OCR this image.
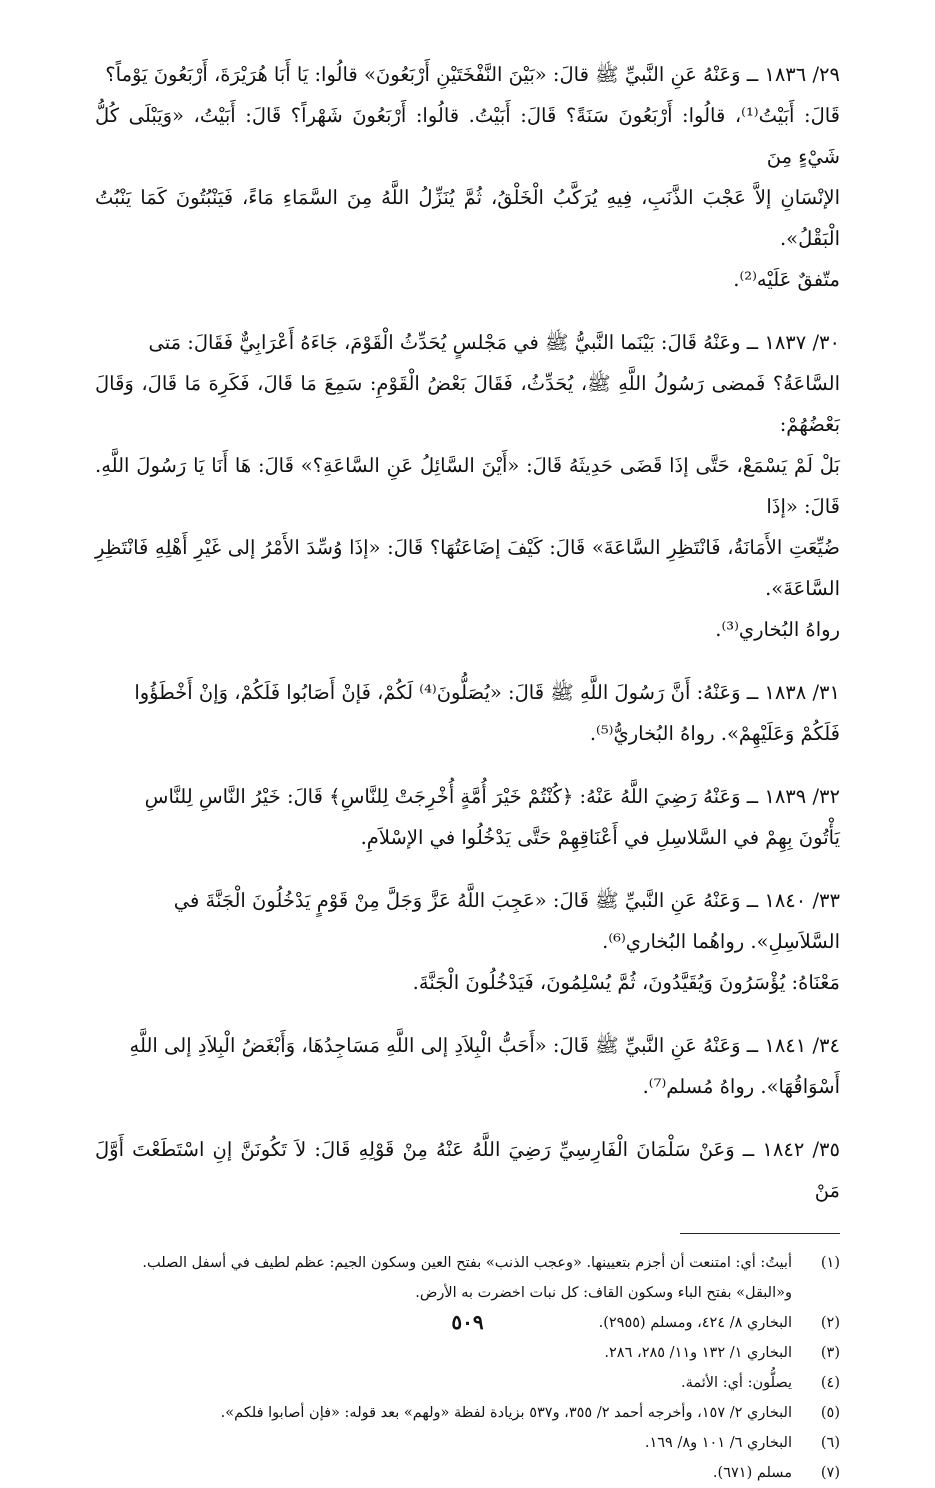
٢٩/ ١٨٣٦ ــ وَعَنْهُ عَنِ النَّبيِّ ﷺ قالَ: «بَيْنَ النَّفْخَتَيْنِ أَرْبَعُونَ» قالُوا: يَا أَبَا هُرَيْرَةَ، أَرْبَعُونَ يَوْماً؟

قَالَ: أَبَيْتُ⁽¹⁾، قالُوا: أَرْبَعُونَ سَنَةً؟ قَالَ: أَبَيْتُ. قالُوا: أَرْبَعُونَ شَهْراً؟ قَالَ: أَبَيْتُ، «وَيَبْلَى كُلُّ شَيْءٍ مِنَ

الإنْسَانِ إلاَّ عَجْبَ الذَّنَبِ، فِيهِ يُرَكَّبُ الْخَلْقُ، ثُمَّ يُنَزِّلُ اللَّهُ مِنَ السَّمَاءِ مَاءً، فَيَنْبُتُونَ كَمَا يَنْبُتُ الْبَقْلُ».

متّفقٌ عَلَيْه⁽²⁾.

٣٠/ ١٨٣٧ ــ وعَنْهُ قَالَ: بَيْنَما النَّبيُّ ﷺ في مَجْلسٍ يُحَدِّثُ الْقَوْمَ، جَاءَهُ أَعْرَابِيٌّ فَقَالَ: مَتى

السَّاعَةُ؟ فَمضى رَسُولُ اللَّهِ ﷺ، يُحَدِّثُ، فَقَالَ بَعْضُ الْقَوْمِ: سَمِعَ مَا قَالَ، فَكَرِهَ مَا قَالَ، وَقَالَ بَعْضُهُمْ:

بَلْ لَمْ يَسْمَعْ، حَتَّى إذَا قَضَى حَدِيثَهُ قَالَ: «أَيْنَ السَّائِلُ عَنِ السَّاعَةِ؟» قَالَ: هَا أَنَا يَا رَسُولَ اللَّهِ. قَالَ: «إذَا

ضُيِّعَتِ الأَمَانَةُ، فَانْتَظِرِ السَّاعَةَ» قَالَ: كَيْفَ إضَاعَتُهَا؟ قَالَ: «إذَا وُسِّدَ الأَمْرُ إلى غَيْرِ أَهْلِهِ فَانْتَظِرِ السَّاعَةَ».

رواهُ البُخاري⁽³⁾.

٣١/ ١٨٣٨ ــ وَعَنْهُ: أَنَّ رَسُولَ اللَّهِ ﷺ قَالَ: «يُصَلُّونَ⁽⁴⁾ لَكُمْ، فَإنْ أَصَابُوا فَلَكُمْ، وَإنْ أَخْطَؤُوا

فَلَكُمْ وَعَلَيْهِمْ». رواهُ البُخاريُّ⁽⁵⁾.

٣٢/ ١٨٣٩ ــ وَعَنْهُ رَضِيَ اللَّهُ عَنْهُ: ﴿كُنْتُمْ خَيْرَ أُمَّةٍ أُخْرِجَتْ لِلنَّاسِ﴾ قَالَ: خَيْرُ النَّاسِ لِلنَّاسِ

يَأْتُونَ بِهِمْ في السَّلاسِلِ في أَعْنَاقِهِمْ حَتَّى يَدْخُلُوا في الإسْلاَمِ.

٣٣/ ١٨٤٠ ــ وَعَنْهُ عَنِ النَّبيِّ ﷺ قَالَ: «عَجِبَ اللَّهُ عَزَّ وَجَلَّ مِنْ قَوْمٍ يَدْخُلُونَ الْجَنَّةَ في

السَّلاَسِلِ». رواهُما البُخاري⁽⁶⁾.

مَعْنَاهُ: يُؤْسَرُونَ وَيُقَيَّدُونَ، ثُمَّ يُسْلِمُونَ، فَيَدْخُلُونَ الْجَنَّةَ.

٣٤/ ١٨٤١ ــ وَعَنْهُ عَنِ النَّبيِّ ﷺ قَالَ: «أَحَبُّ الْبِلاَدِ إلى اللَّهِ مَسَاجِدُهَا، وَأَبْغَضُ الْبِلاَدِ إلى اللَّهِ

أَسْوَاقُهَا». رواهُ مُسلم⁽⁷⁾.

٣٥/ ١٨٤٢ ــ وَعَنْ سَلْمَانَ الْفَارِسِيِّ رَضِيَ اللَّهُ عَنْهُ مِنْ قَوْلِهِ قَالَ: لاَ تَكُونَنَّ إنِ اسْتَطَعْتَ أَوَّلَ مَنْ

(١)
أبيتُ: أي: امتنعت أن أجزم بتعيينها. «وعجب الذنب» بفتح العين وسكون الجيم: عظم لطيف في أسفل الصلب.
و«البقل» بفتح الباء وسكون القاف: كل نبات اخضرت به الأرض.
(٢)
البخاري ٨/ ٤٢٤، ومسلم (٢٩٥٥).
(٣)
البخاري ١/ ١٣٢ و١١/ ٢٨٥، ٢٨٦.
(٤)
يصلُّون: أي: الأئمة.
(٥)
البخاري ٢/ ١٥٧، وأخرجه أحمد ٢/ ٣٥٥، و٥٣٧ بزيادة لفظة «ولهم» بعد قوله: «فإن أصابوا فلكم».
(٦)
البخاري ٦/ ١٠١ و٨/ ١٦٩.
(٧)
مسلم (٦٧١).
٥٠٩
